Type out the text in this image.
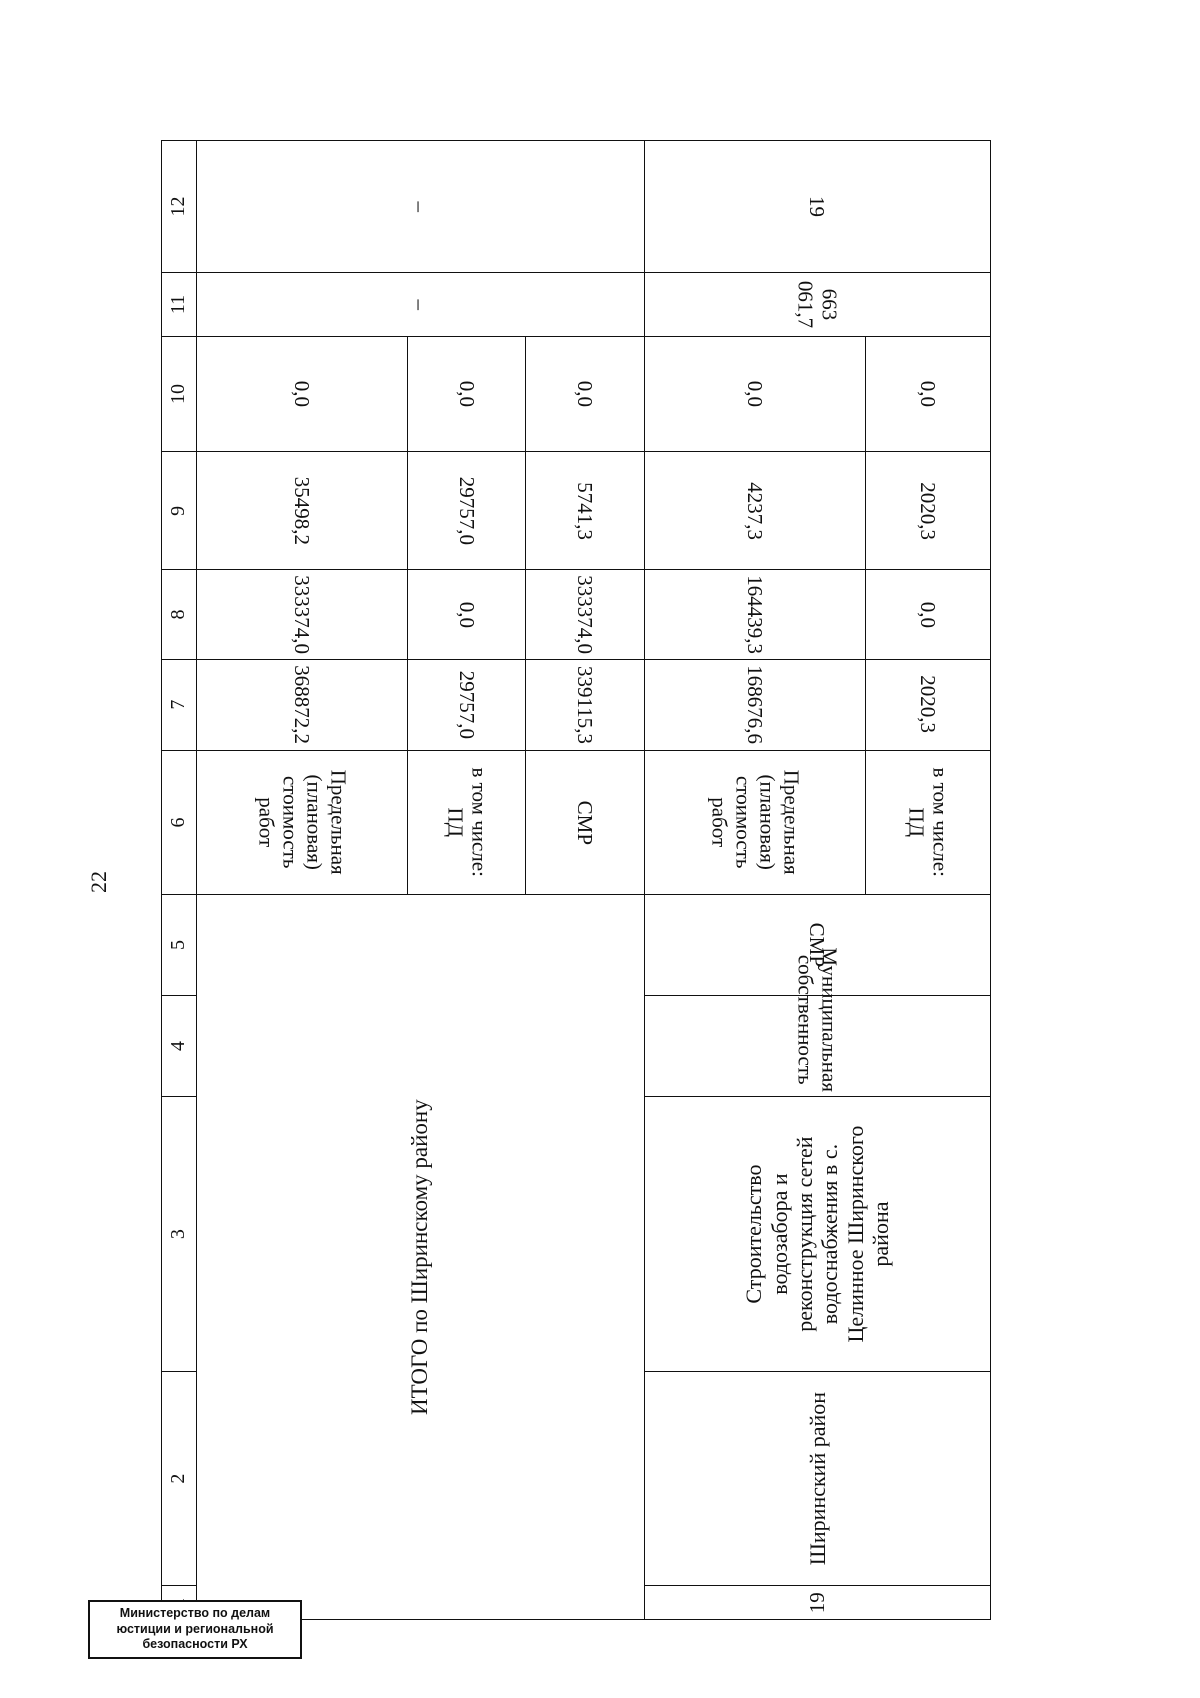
22
	2	3	4	5	6	7	8	9	10	11	12
ИТОГО по Ширинскому району					Предельная (плановая) стоимость работ	368872,2	333374,0	35498,2	0,0	–	–
					в том числе: ПД	29757,0	0,0	29757,0	0,0		
					СМР	339115,3	333374,0	5741,3	0,0		
19	Ширинский район	Строительство водозабора и реконструкция сетей водоснабжения в с. Целинное Ширинского района	Муниципальная собственность	СМР	Предельная (плановая) стоимость работ	168676,6	164439,3	4237,3	0,0	663 061,7	19
					в том числе: ПД	2020,3	0,0	2020,3	0,0		
Министерство по делам
юстиции и региональной
безопасности РХ
